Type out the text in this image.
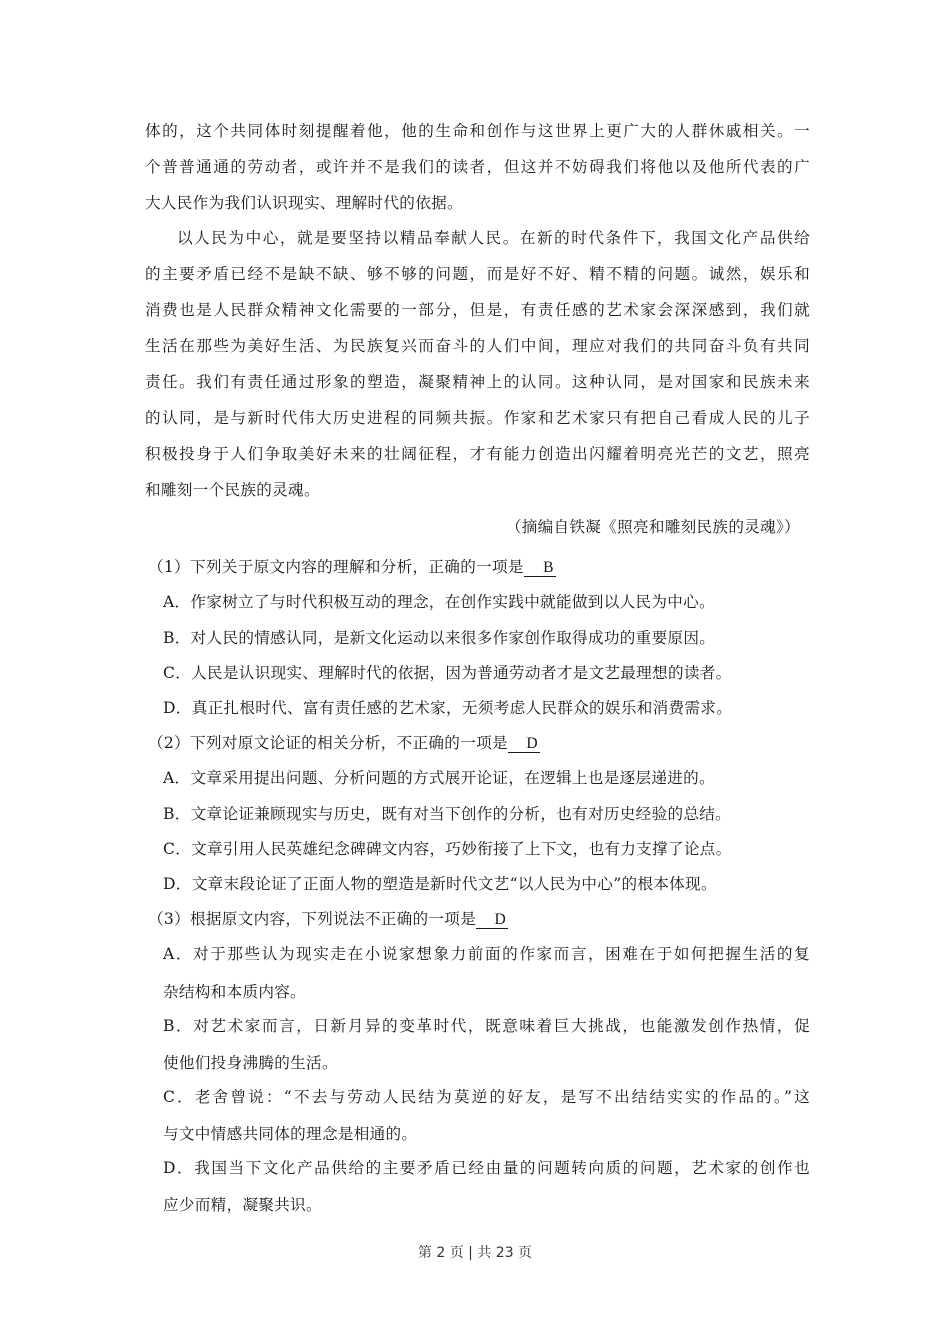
体的，这个共同体时刻提醒着他，他的生命和创作与这世界上更广大的人群休戚相关。一
个普普通通的劳动者，或许并不是我们的读者，但这并不妨碍我们将他以及他所代表的广
大人民作为我们认识现实、理解时代的依据。
以人民为中心，就是要坚持以精品奉献人民。在新的时代条件下，我国文化产品供给
的主要矛盾已经不是缺不缺、够不够的问题，而是好不好、精不精的问题。诚然，娱乐和
消费也是人民群众精神文化需要的一部分，但是，有责任感的艺术家会深深感到，我们就
生活在那些为美好生活、为民族复兴而奋斗的人们中间，理应对我们的共同奋斗负有共同
责任。我们有责任通过形象的塑造，凝聚精神上的认同。这种认同，是对国家和民族未来
的认同，是与新时代伟大历史进程的同频共振。作家和艺术家只有把自己看成人民的儿子
积极投身于人们争取美好未来的壮阔征程，才有能力创造出闪耀着明亮光芒的文艺，照亮
和雕刻一个民族的灵魂。
（摘编自铁凝《照亮和雕刻民族的灵魂》）
（1）下列关于原文内容的理解和分析，正确的一项是 B
A．作家树立了与时代积极互动的理念，在创作实践中就能做到以人民为中心。
B．对人民的情感认同，是新文化运动以来很多作家创作取得成功的重要原因。
C．人民是认识现实、理解时代的依据，因为普通劳动者才是文艺最理想的读者。
D．真正扎根时代、富有责任感的艺术家，无须考虑人民群众的娱乐和消费需求。
（2）下列对原文论证的相关分析，不正确的一项是 D
A．文章采用提出问题、分析问题的方式展开论证，在逻辑上也是逐层递进的。
B．文章论证兼顾现实与历史，既有对当下创作的分析，也有对历史经验的总结。
C．文章引用人民英雄纪念碑碑文内容，巧妙衔接了上下文，也有力支撑了论点。
D．文章末段论证了正面人物的塑造是新时代文艺“以人民为中心”的根本体现。
（3）根据原文内容，下列说法不正确的一项是 D
A．对于那些认为现实走在小说家想象力前面的作家而言，困难在于如何把握生活的复
杂结构和本质内容。
B．对艺术家而言，日新月异的变革时代，既意味着巨大挑战，也能激发创作热情，促
使他们投身沸腾的生活。
C．老舍曾说：“不去与劳动人民结为莫逆的好友，是写不出结结实实的作品的。”这
与文中情感共同体的理念是相通的。
D．我国当下文化产品供给的主要矛盾已经由量的问题转向质的问题，艺术家的创作也
应少而精，凝聚共识。
第 2 页 | 共 23 页
